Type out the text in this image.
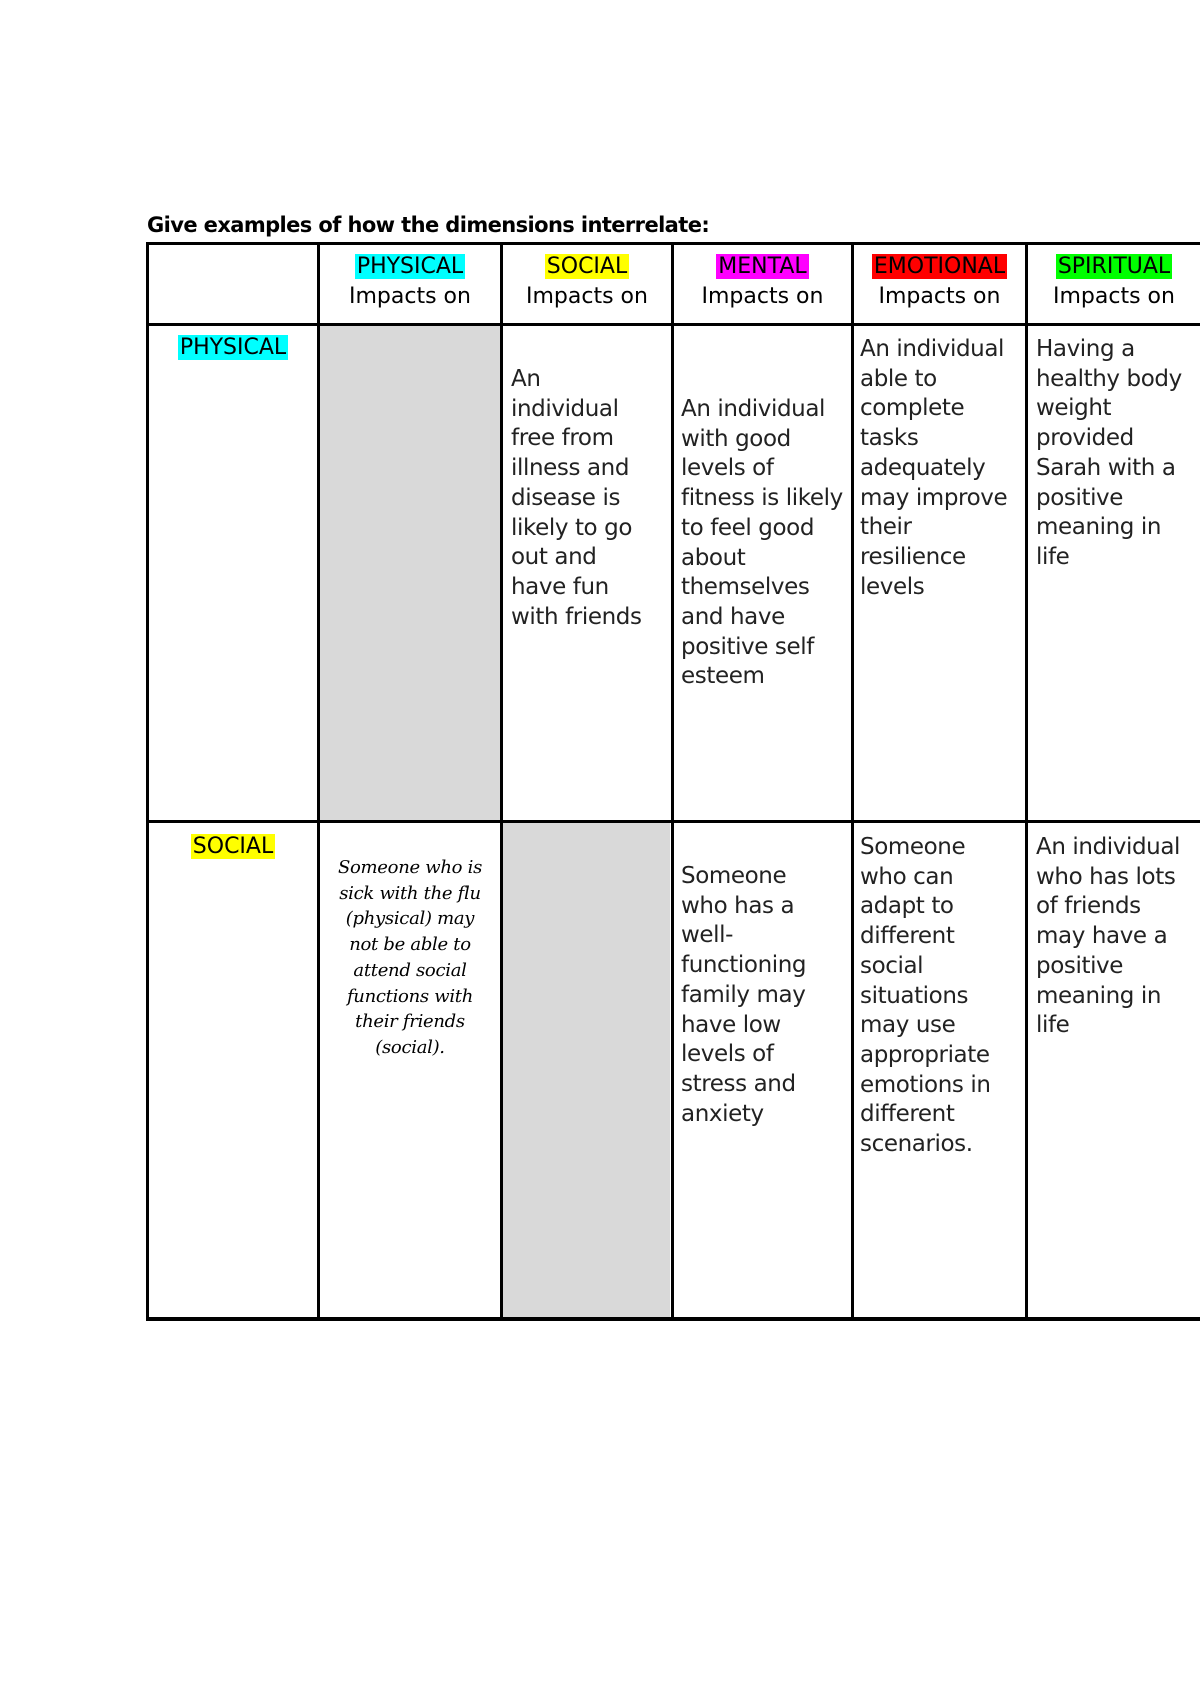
Give examples of how the dimensions interrelate:
PHYSICAL
Impacts on
SOCIAL
Impacts on
MENTAL
Impacts on
EMOTIONAL
Impacts on
SPIRITUAL
Impacts on
PHYSICAL
SOCIAL
An
individual
free from
illness and
disease is
likely to go
out and
have fun
with friends
An individual
with good
levels of
fitness is likely
to feel good
about
themselves
and have
positive self
esteem
An individual
able to
complete
tasks
adequately
may improve
their
resilience
levels
Having a
healthy body
weight
provided
Sarah with a
positive
meaning in
life
Someone who is
sick with the flu
(physical) may
not be able to
attend social
functions with
their friends
(social).
Someone
who has a
well-
functioning
family may
have low
levels of
stress and
anxiety
Someone
who can
adapt to
different
social
situations
may use
appropriate
emotions in
different
scenarios.
An individual
who has lots
of friends
may have a
positive
meaning in
life
